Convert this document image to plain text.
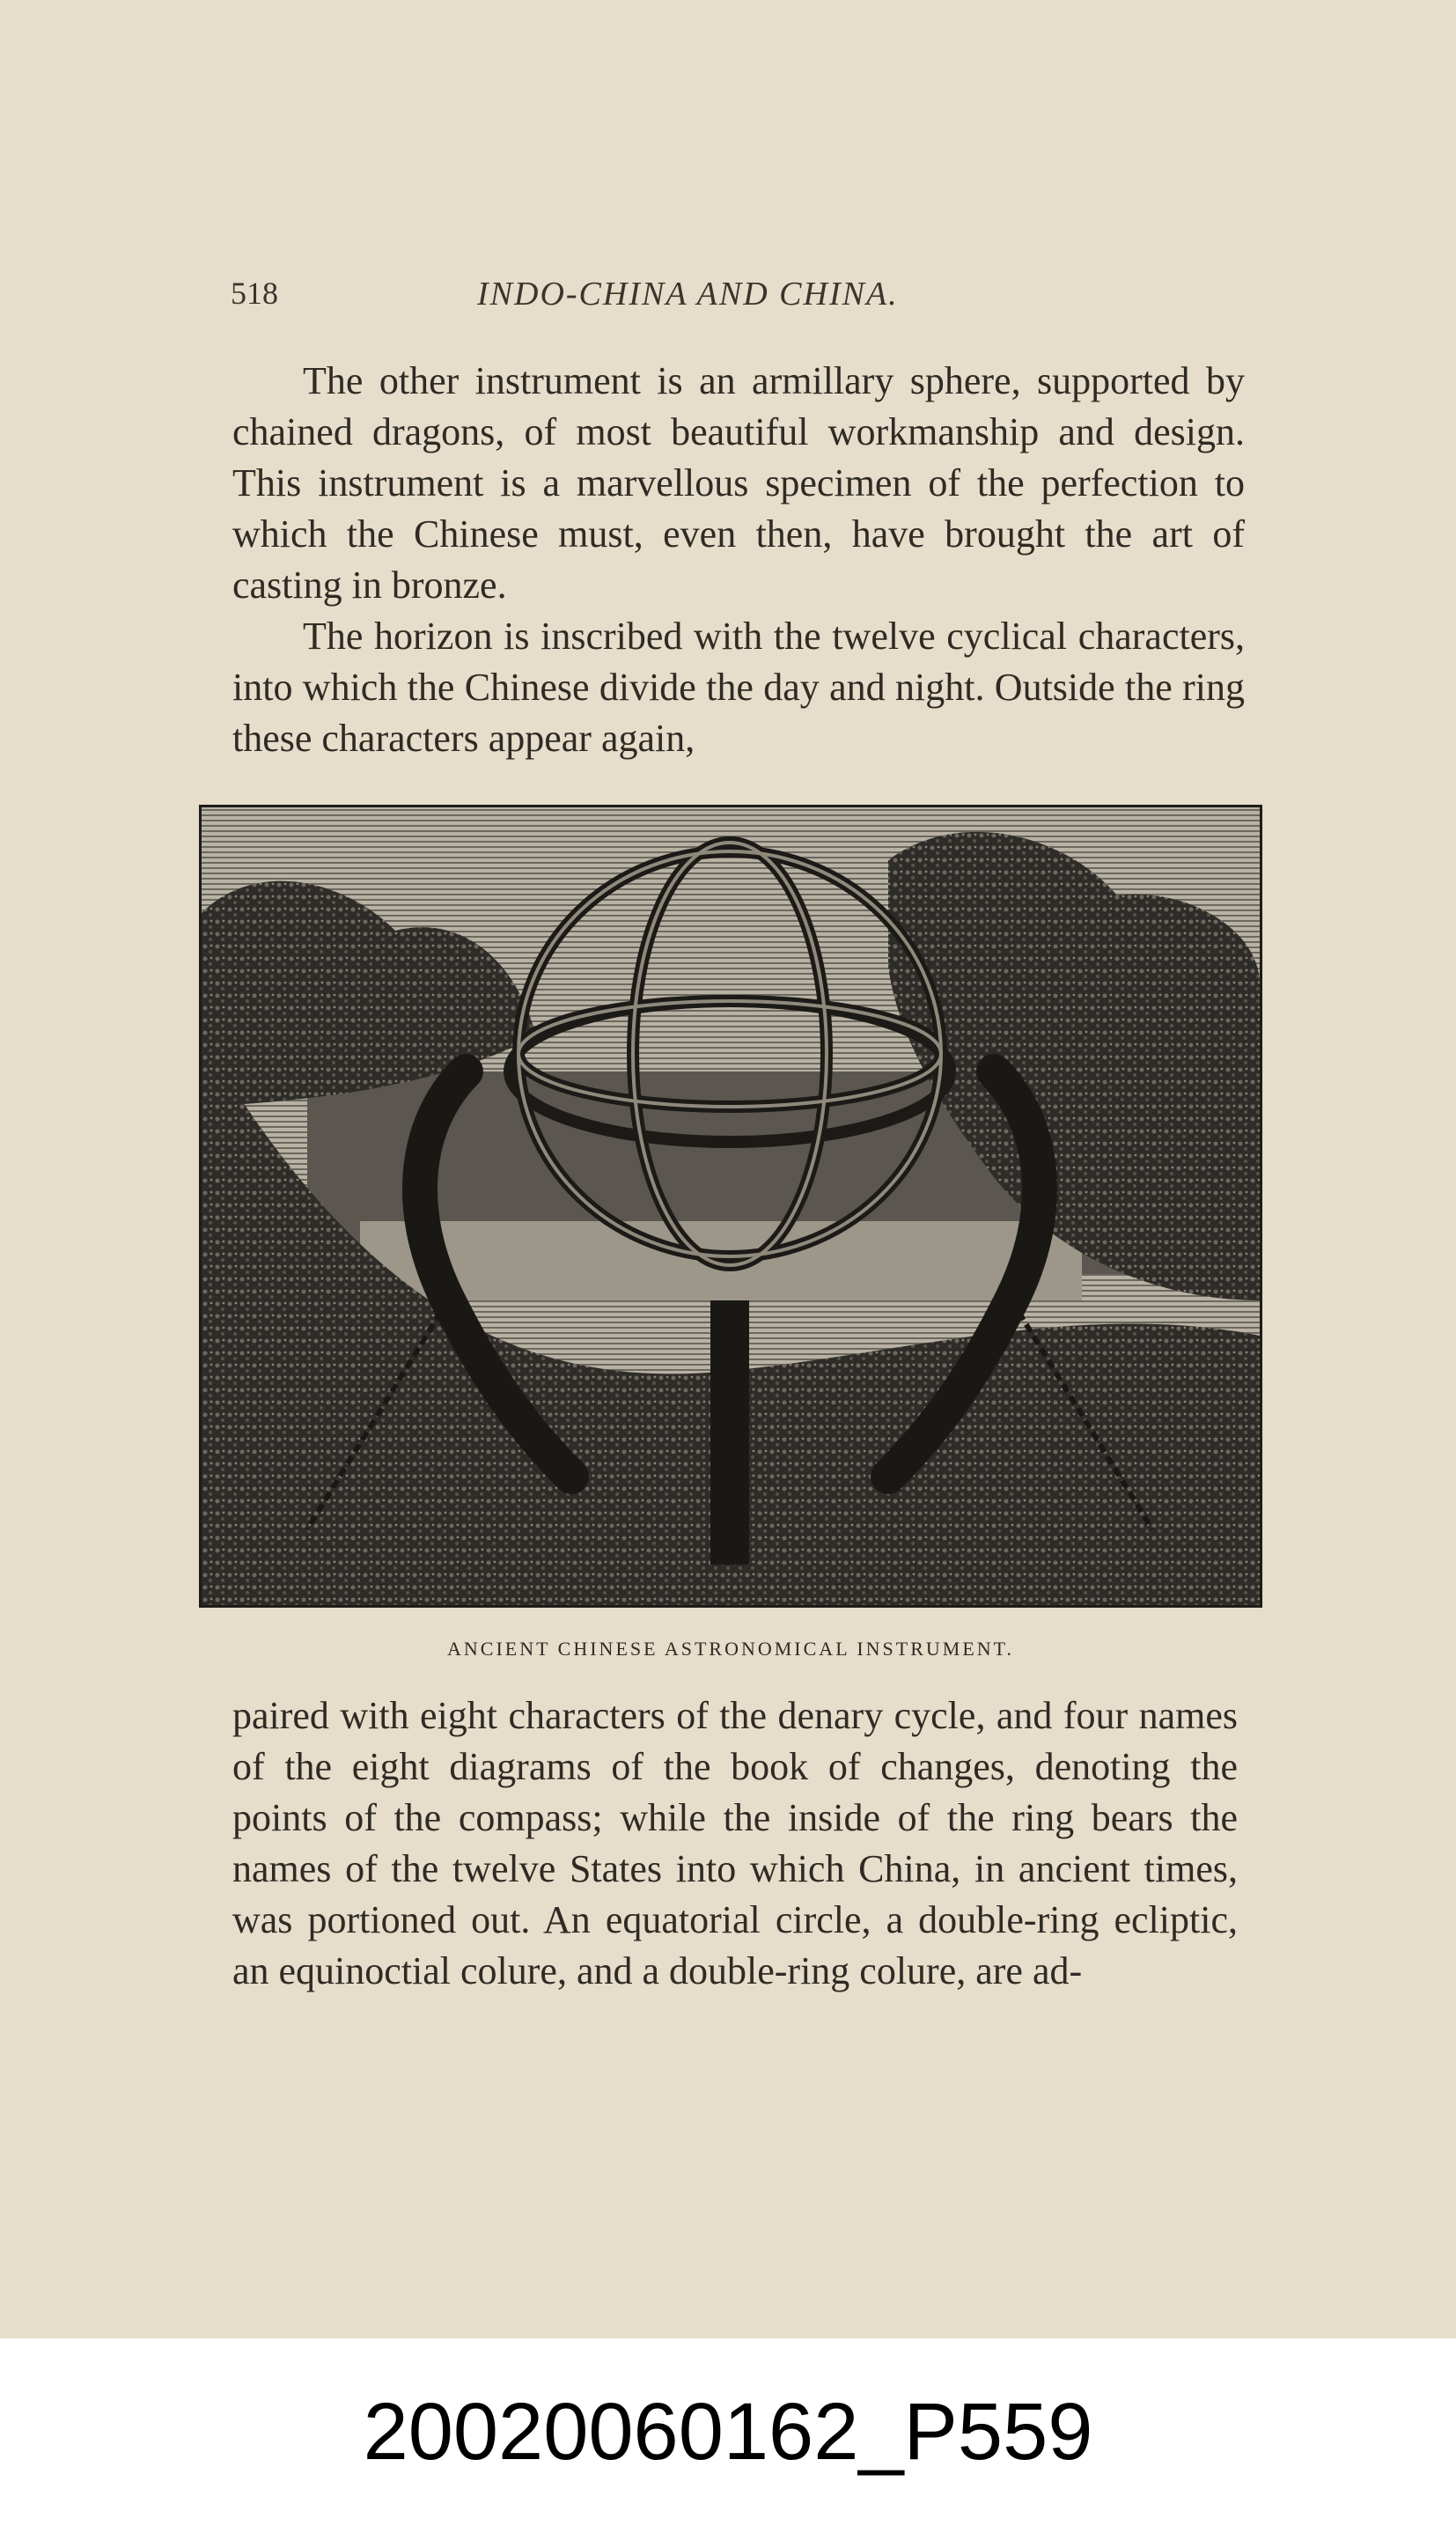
518	INDO-CHINA AND CHINA.
The other instrument is an armillary sphere, supported by chained dragons, of most beautiful workmanship and design. This instrument is a marvellous specimen of the perfection to which the Chinese must, even then, have brought the art of casting in bronze.
The horizon is inscribed with the twelve cyclical characters, into which the Chinese divide the day and night. Outside the ring these characters appear again,
ANCIENT CHINESE ASTRONOMICAL INSTRUMENT.

paired with eight characters of the denary cycle, and four names of the eight diagrams of the book of changes, denoting the points of the compass; while the inside of the ring bears the names of the twelve States into which China, in ancient times, was portioned out. An equatorial circle, a double-ring ecliptic, an equinoctial colure, and a double-ring colure, are ad-

20020060162_P559
